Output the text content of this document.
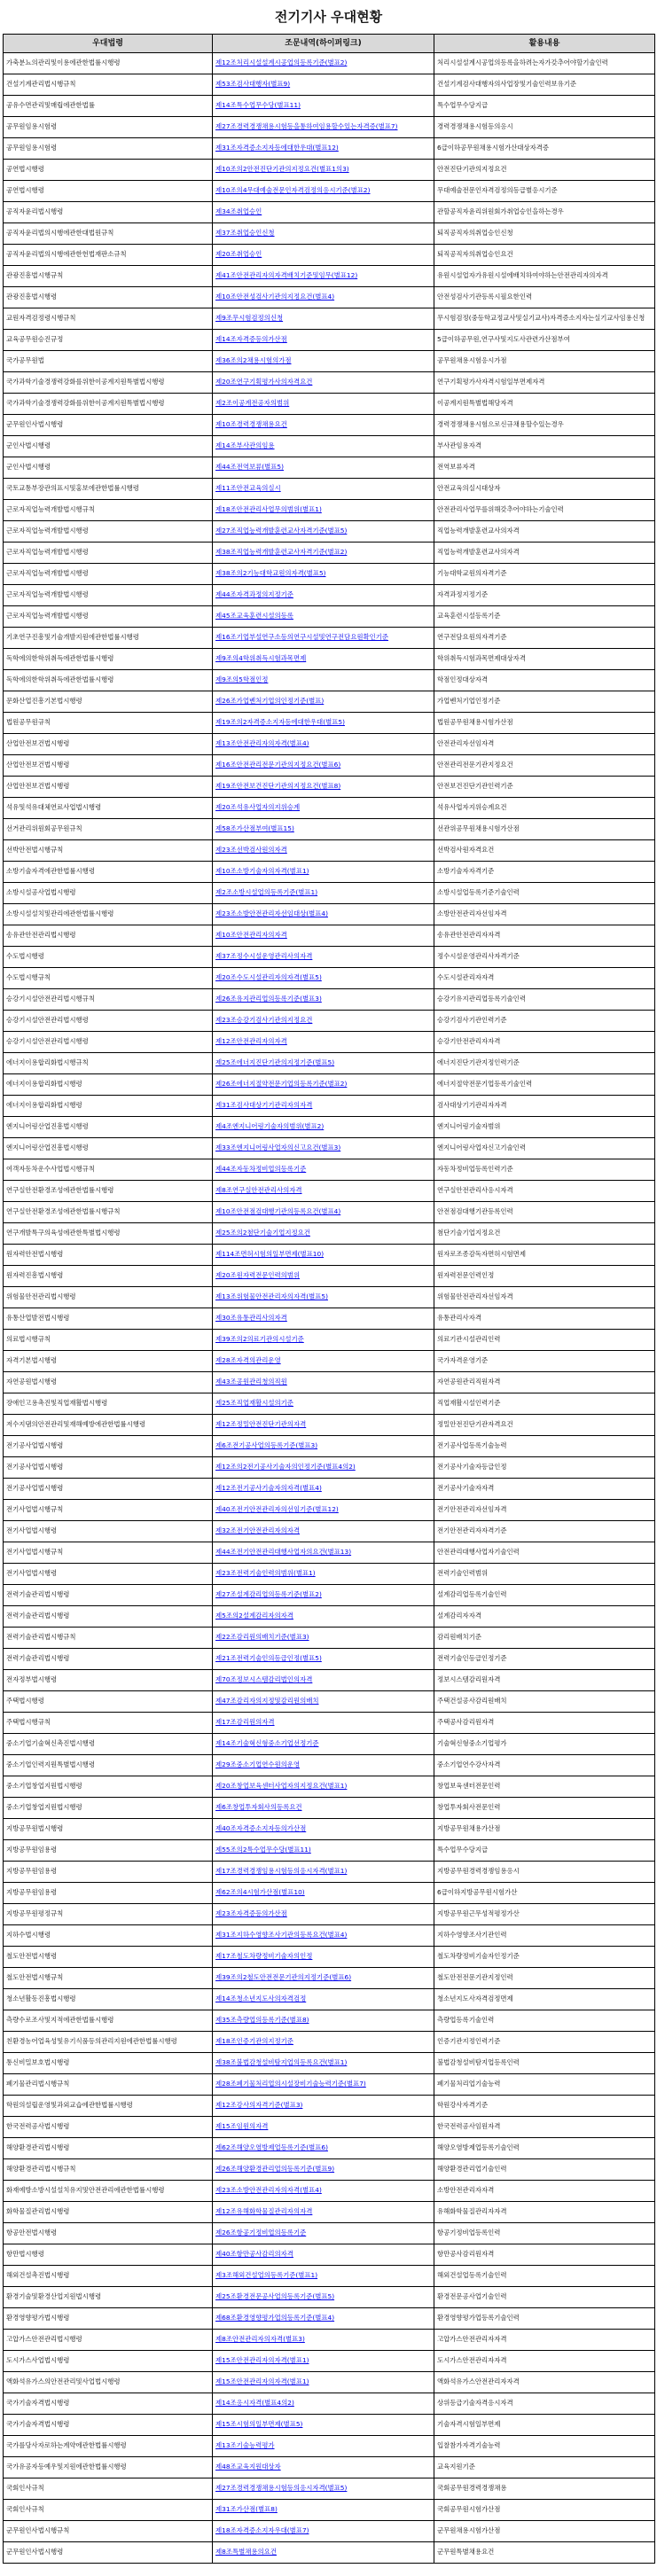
전기기사 우대현황
우대법령	조문내역(하이퍼링크)	활용내용
가축분뇨의관리및이용에관한법률시행령	제12조처리시설설계시공업의등록기준(별표2)	처리시설설계시공업의등록을하려는자가갖추어야할기술인력
건설기계관리법시행규칙	제53조검사대행자(별표9)	건설기계검사대행자의사업장및기술인력보유기준
공유수면관리및매립에관한법률	제14조특수업무수당(별표11)	특수업무수당지급
공무원임용시험령	제27조경력경쟁채용시험등을통하여임용할수있는자격증(별표7)	경력경쟁채용시험등의응시
공무원임용시험령	제31조자격증소지자등에대한우대(별표12)	6급이하공무원채용시험가산대상자격증
공연법시행령	제10조의2안전진단기관의지정요건(별표1의3)	안전진단기관의지정요건
공연법시행령	제10조의4무대예술전문인자격검정의응시기준(별표2)	무대예술전문인자격검정의등급별응시기준
공직자윤리법시행령	제34조취업승인	관할공직자윤리위원회가취업승인을하는경우
공직자윤리법의시행에관한대법원규칙	제37조취업승인신청	퇴직공직자의취업승인신청
공직자윤리법의시행에관한헌법재판소규칙	제20조취업승인	퇴직공직자의취업승인요건
관광진흥법시행규칙	제41조안전관리자의자격배치기준및임무(별표12)	유원시설업자가유원시설에배치하여야하는안전관리자의자격
관광진흥법시행령	제10조안전성검사기관의지정요건(별표4)	안전성검사기관등록시필요한인력
교원자격검정령시행규칙	제9조무시험검정의신청	무시험검정(중등학교정교사및실기교사)자격증소지자는실기교사임용신청
교육공무원승진규정	제14조자격증등의가산점	5급이하공무원,연구사및지도사관련가산점부여
국가공무원법	제36조의2채용시험의가점	공무원채용시험응시가점
국가과학기술경쟁력강화를위한이공계지원특별법시행령	제20조연구기획평가사의자격요건	연구기획평가사자격시험일부면제자격
국가과학기술경쟁력강화를위한이공계지원특별법시행령	제2조이공계전공자의범위	이공계지원특별법해당자격
군무원인사법시행령	제10조경력경쟁채용요건	경력경쟁채용시험으로신규채용할수있는경우
군인사법시행령	제14조부사관의임용	부사관임용자격
군인사법시행령	제44조전역보류(별표5)	전역보류자격
국토교통부장관의표시및홍보에관한법률시행령	제11조안전교육의실시	안전교육의실시대상자
근로자직업능력개발법시행규칙	제18조안전관리사업무의범위(별표1)	안전관리사업무를위해갖추어야하는기술인력
근로자직업능력개발법시행령	제27조직업능력개발훈련교사자격기준(별표5)	직업능력개발훈련교사의자격
근로자직업능력개발법시행령	제38조직업능력개발훈련교사자격기준(별표2)	직업능력개발훈련교사의자격
근로자직업능력개발법시행령	제38조의2기능대학교원의자격(별표5)	기능대학교원의자격기준
근로자직업능력개발법시행령	제44조자격과정의지정기준	자격과정지정기준
근로자직업능력개발법시행령	제45조교육훈련시설의등록	교육훈련시설등록기준
기초연구진흥및기술개발지원에관한법률시행령	제16조기업부설연구소등의연구시설및연구전담요원확인기준	연구전담요원의자격기준
독학에의한학위취득에관한법률시행령	제9조의4학위취득시험과목면제	학위취득시험과목면제대상자격
독학에의한학위취득에관한법률시행령	제9조의5학점인정	학점인정대상자격
문화산업진흥기본법시행령	제26조가업벤처기업의인정기준(별표)	가업벤처기업인정기준
법원공무원규칙	제19조의2자격증소지자등에대한우대(별표5)	법원공무원채용시험가산점
산업안전보건법시행령	제13조안전관리자의자격(별표4)	안전관리자선임자격
산업안전보건법시행령	제16조안전관리전문기관의지정요건(별표6)	안전관리전문기관지정요건
산업안전보건법시행령	제19조안전보건진단기관의지정요건(별표8)	안전보건진단기관인력기준
석유및석유대체연료사업법시행령	제20조석유사업자의지위승계	석유사업자지위승계요건
선거관리위원회공무원규칙	제58조가산점부여(별표15)	선관위공무원채용시험가산점
선박안전법시행규칙	제23조선박검사원의자격	선박검사원자격요건
소방기술자격에관한법률시행령	제10조소방기술자의자격(별표1)	소방기술자자격기준
소방시설공사업법시행령	제2조소방시설업의등록기준(별표1)	소방시설업등록기준기술인력
소방시설설치및관리에관한법률시행령	제23조소방안전관리자선임대상(별표4)	소방안전관리자선임자격
송유관안전관리법시행령	제10조안전관리자의자격	송유관안전관리자자격
수도법시행령	제37조정수시설운영관리사의자격	정수시설운영관리사자격기준
수도법시행규칙	제20조수도시설관리자의자격(별표5)	수도시설관리자자격
승강기시설안전관리법시행규칙	제26조유지관리업의등록기준(별표3)	승강기유지관리업등록기술인력
승강기시설안전관리법시행령	제23조승강기검사기관의지정요건	승강기검사기관인력기준
승강기시설안전관리법시행령	제12조안전관리자의자격	승강기안전관리자자격
에너지이용합리화법시행규칙	제25조에너지진단기관의지정기준(별표5)	에너지진단기관지정인력기준
에너지이용합리화법시행령	제26조에너지절약전문기업의등록기준(별표2)	에너지절약전문기업등록기술인력
에너지이용합리화법시행령	제31조검사대상기기관리자의자격	검사대상기기관리자자격
엔지니어링산업진흥법시행령	제4조엔지니어링기술자의범위(별표2)	엔지니어링기술자범위
엔지니어링산업진흥법시행령	제33조엔지니어링사업자의신고요건(별표3)	엔지니어링사업자신고기술인력
여객자동차운수사업법시행규칙	제44조자동차정비업의등록기준	자동차정비업등록인력기준
연구실안전환경조성에관한법률시행령	제8조연구실안전관리사의자격	연구실안전관리사응시자격
연구실안전환경조성에관한법률시행규칙	제10조안전점검대행기관의등록요건(별표4)	안전점검대행기관등록인력
연구개발특구의육성에관한특별법시행령	제25조의2첨단기술기업지정요건	첨단기술기업지정요건
원자력안전법시행령	제114조면허시험의일부면제(별표10)	원자로조종감독자면허시험면제
원자력진흥법시행령	제20조원자력전문인력의범위	원자력전문인력인정
위험물안전관리법시행령	제13조위험물안전관리자의자격(별표5)	위험물안전관리자선임자격
유통산업발전법시행령	제30조유통관리사의자격	유통관리사자격
의료법시행규칙	제39조의2의료기관의시설기준	의료기관시설관리인력
자격기본법시행령	제28조자격의관리운영	국가자격운영기준
자연공원법시행령	제43조공원관리청의직원	자연공원관리직원자격
장애인고용촉진및직업재활법시행령	제25조직업재활시설의기준	직업재활시설인력기준
저수지댐의안전관리및재해예방에관한법률시행령	제12조정밀안전진단기관의자격	정밀안전진단기관자격요건
전기공사업법시행령	제6조전기공사업의등록기준(별표3)	전기공사업등록기술능력
전기공사업법시행령	제12조의2전기공사기술자의인정기준(별표4의2)	전기공사기술자등급인정
전기공사업법시행령	제12조전기공사기술자의자격(별표4)	전기공사기술자자격
전기사업법시행규칙	제40조전기안전관리자의선임기준(별표12)	전기안전관리자선임자격
전기사업법시행령	제32조전기안전관리자의자격	전기안전관리자자격기준
전기사업법시행규칙	제44조전기안전관리대행사업자의요건(별표13)	안전관리대행사업자기술인력
전기사업법시행령	제23조전력기술인력의범위(별표1)	전력기술인력범위
전력기술관리법시행령	제27조설계감리업의등록기준(별표2)	설계감리업등록기술인력
전력기술관리법시행령	제5조의2설계감리자의자격	설계감리자자격
전력기술관리법시행규칙	제22조감리원의배치기준(별표3)	감리원배치기준
전력기술관리법시행령	제21조전력기술인의등급인정(별표5)	전력기술인등급인정기준
전자정부법시행령	제70조정보시스템감리법인의자격	정보시스템감리원자격
주택법시행령	제47조감리자의지정및감리원의배치	주택건설공사감리원배치
주택법시행규칙	제17조감리원의자격	주택공사감리원자격
중소기업기술혁신촉진법시행령	제14조기술혁신형중소기업선정기준	기술혁신형중소기업평가
중소기업인력지원특별법시행령	제29조중소기업연수원의운영	중소기업연수강사자격
중소기업창업지원법시행령	제20조창업보육센터사업자의지정요건(별표1)	창업보육센터전문인력
중소기업창업지원법시행령	제6조창업투자회사의등록요건	창업투자회사전문인력
지방공무원법시행령	제40조자격증소지자등의가산점	지방공무원채용가산점
지방공무원임용령	제55조의2특수업무수당(별표11)	특수업무수당지급
지방공무원임용령	제17조경력경쟁임용시험등의응시자격(별표1)	지방공무원경력경쟁임용응시
지방공무원임용령	제62조의4시험가산점(별표10)	6급이하지방공무원시험가산
지방공무원평정규칙	제23조자격증등의가산점	지방공무원근무성적평정가산
지하수법시행령	제31조지하수영향조사기관의등록요건(별표4)	지하수영향조사기관인력
철도안전법시행령	제17조철도차량정비기술자의인정	철도차량정비기술자인정기준
철도안전법시행규칙	제39조의2철도안전전문기관의지정기준(별표6)	철도안전전문기관지정인력
청소년활동진흥법시행령	제14조청소년지도사의자격검정	청소년지도사자격검정면제
측량수로조사및지적에관한법률시행령	제35조측량업의등록기준(별표8)	측량업등록기술인력
친환경농어업육성및유기식품등의관리지원에관한법률시행령	제18조인증기관의지정기준	인증기관지정인력기준
통신비밀보호법시행령	제38조불법감청설비탐지업의등록요건(별표1)	불법감청설비탐지업등록인력
폐기물관리법시행규칙	제28조폐기물처리업의시설장비기술능력기준(별표7)	폐기물처리업기술능력
학원의설립운영및과외교습에관한법률시행령	제12조강사의자격기준(별표3)	학원강사자격기준
한국전력공사법시행령	제15조임원의자격	한국전력공사임원자격
해양환경관리법시행령	제62조해양오염방제업등록기준(별표6)	해양오염방제업등록기술인력
해양환경관리법시행규칙	제26조해양환경관리업의등록기준(별표9)	해양환경관리업기술인력
화재예방소방시설설치유지및안전관리에관한법률시행령	제23조소방안전관리자의자격(별표4)	소방안전관리자자격
화학물질관리법시행령	제12조유해화학물질관리자의자격	유해화학물질관리자자격
항공안전법시행령	제26조항공기정비업의등록기준	항공기정비업등록인력
항만법시행령	제40조항만공사감리의자격	항만공사감리원자격
해외건설촉진법시행령	제3조해외건설업의등록기준(별표1)	해외건설업등록기술인력
환경기술및환경산업지원법시행령	제25조환경전문공사업의등록기준(별표5)	환경전문공사업기술인력
환경영향평가법시행령	제68조환경영향평가업의등록기준(별표4)	환경영향평가업등록기술인력
고압가스안전관리법시행령	제8조안전관리자의자격(별표3)	고압가스안전관리자자격
도시가스사업법시행령	제15조안전관리자의자격(별표1)	도시가스안전관리자자격
액화석유가스의안전관리및사업법시행령	제15조안전관리자의자격(별표1)	액화석유가스안전관리자자격
국가기술자격법시행령	제14조응시자격(별표4의2)	상위등급기술자격응시자격
국가기술자격법시행령	제15조시험의일부면제(별표5)	기술자격시험일부면제
국가를당사자로하는계약에관한법률시행령	제13조기술능력평가	입찰참가자격기술능력
국가유공자등예우및지원에관한법률시행령	제48조교육지원대상자	교육지원기준
국회인사규칙	제27조경력경쟁채용시험등의응시자격(별표5)	국회공무원경력경쟁채용
국회인사규칙	제31조가산점(별표8)	국회공무원시험가산점
군무원인사법시행규칙	제18조자격증소지자우대(별표7)	군무원채용시험가산점
군무원인사법시행령	제8조특별채용의요건	군무원특별채용요건
